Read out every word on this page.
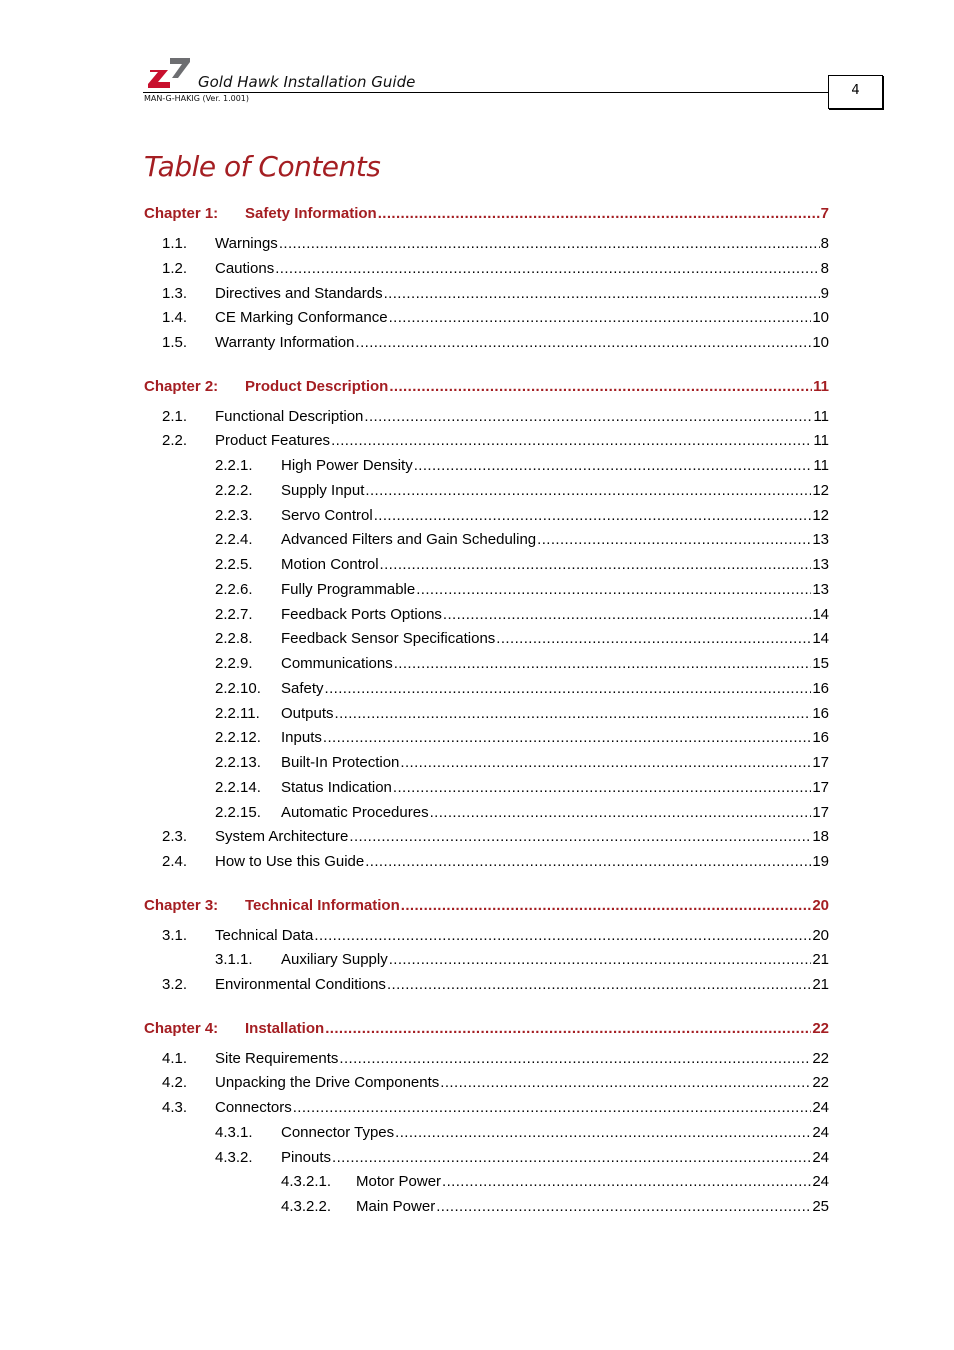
Gold Hawk Installation Guide
MAN-G-HAKIG (Ver. 1.001)
4
Table of Contents
Chapter 1:	Safety Information .....	7
1.1.	Warnings .....	8
1.2.	Cautions .....	8
1.3.	Directives and Standards .....	9
1.4.	CE Marking Conformance .....	10
1.5.	Warranty Information .....	10
Chapter 2:	Product Description .....	11
2.1.	Functional Description .....	11
2.2.	Product Features .....	11
2.2.1.	High Power Density .....	11
2.2.2.	Supply Input .....	12
2.2.3.	Servo Control .....	12
2.2.4.	Advanced Filters and Gain Scheduling .....	13
2.2.5.	Motion Control .....	13
2.2.6.	Fully Programmable .....	13
2.2.7.	Feedback Ports Options .....	14
2.2.8.	Feedback Sensor Specifications .....	14
2.2.9.	Communications .....	15
2.2.10.	Safety .....	16
2.2.11.	Outputs .....	16
2.2.12.	Inputs .....	16
2.2.13.	Built-In Protection .....	17
2.2.14.	Status Indication .....	17
2.2.15.	Automatic Procedures .....	17
2.3.	System Architecture .....	18
2.4.	How to Use this Guide .....	19
Chapter 3:	Technical Information .....	20
3.1.	Technical Data .....	20
3.1.1.	Auxiliary Supply .....	21
3.2.	Environmental Conditions .....	21
Chapter 4:	Installation .....	22
4.1.	Site Requirements .....	22
4.2.	Unpacking the Drive Components .....	22
4.3.	Connectors .....	24
4.3.1.	Connector Types .....	24
4.3.2.	Pinouts .....	24
4.3.2.1.	Motor Power .....	24
4.3.2.2.	Main Power .....	25
